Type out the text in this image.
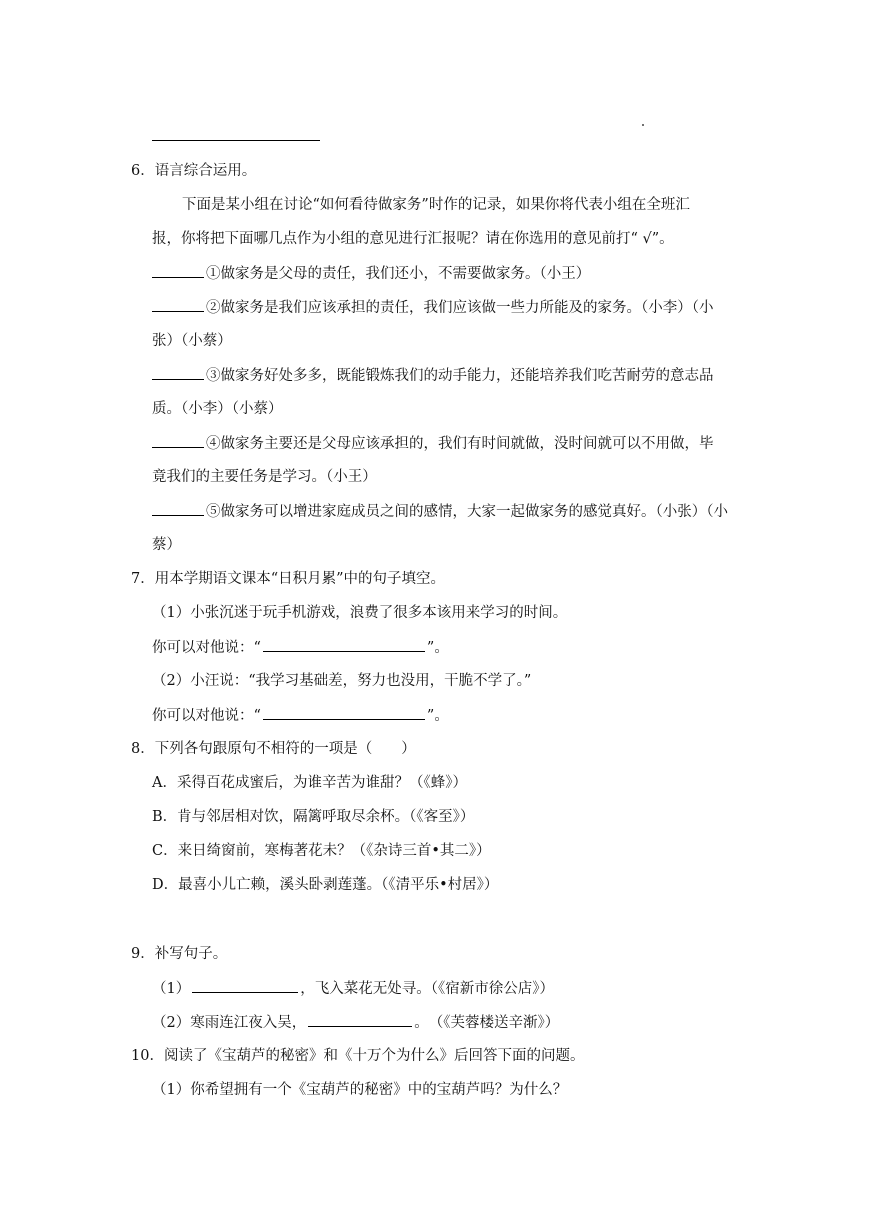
6．语言综合运用。
下面是某小组在讨论“如何看待做家务”时作的记录，如果你将代表小组在全班汇
报，你将把下面哪几点作为小组的意见进行汇报呢？请在你选用的意见前打“ √”。
①做家务是父母的责任，我们还小，不需要做家务。（小王）
②做家务是我们应该承担的责任，我们应该做一些力所能及的家务。（小李）（小
张）（小蔡）
③做家务好处多多，既能锻炼我们的动手能力，还能培养我们吃苦耐劳的意志品
质。（小李）（小蔡）
④做家务主要还是父母应该承担的，我们有时间就做，没时间就可以不用做，毕
竟我们的主要任务是学习。（小王）
⑤做家务可以增进家庭成员之间的感情，大家一起做家务的感觉真好。（小张）（小
蔡）
7．用本学期语文课本“日积月累”中的句子填空。
（1）小张沉迷于玩手机游戏，浪费了很多本该用来学习的时间。
你可以对他说：“	”。
（2）小汪说：“我学习基础差，努力也没用，干脆不学了。”
你可以对他说：“	”。
8．下列各句跟原句不相符的一项是（　　）
A．采得百花成蜜后，为谁辛苦为谁甜？（《蜂》）
B．肯与邻居相对饮，隔篱呼取尽余杯。（《客至》）
C．来日绮窗前，寒梅著花未？（《杂诗三首•其二》）
D．最喜小儿亡赖，溪头卧剥莲蓬。（《清平乐•村居》）
9．补写句子。
（1）	，飞入菜花无处寻。（《宿新市徐公店》）
（2）寒雨连江夜入吴，	。　（《芙蓉楼送辛渐》）
10．阅读了《宝葫芦的秘密》和《十万个为什么》后回答下面的问题。
（1）你希望拥有一个《宝葫芦的秘密》中的宝葫芦吗？为什么？
